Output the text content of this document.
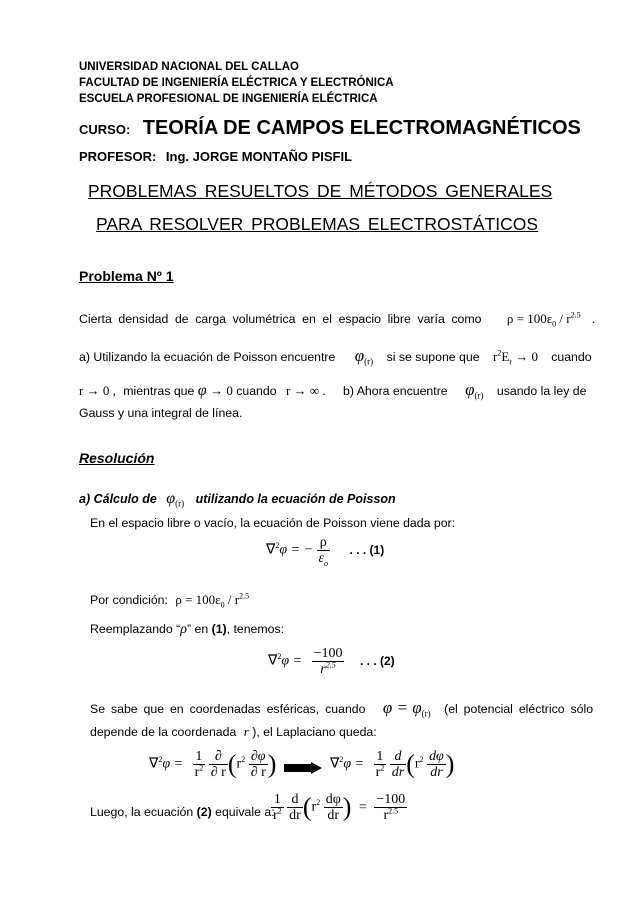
UNIVERSIDAD NACIONAL DEL CALLAO
FACULTAD DE INGENIERÍA ELÉCTRICA Y ELECTRÓNICA
ESCUELA PROFESIONAL DE INGENIERÍA ELÉCTRICA
CURSO: TEORÍA DE CAMPOS ELECTROMAGNÉTICOS
PROFESOR: Ing. JORGE MONTAÑO PISFIL
PROBLEMAS RESUELTOS DE MÉTODOS GENERALES
PARA RESOLVER PROBLEMAS ELECTROSTÁTICOS
Problema Nº 1
Cierta densidad de carga volumétrica en el espacio libre varía como $\rho = 100\varepsilon_0 / r^{2.5}$ .
a) Utilizando la ecuación de Poisson encuentre $\varphi_{(r)}$ si se supone que $r^2E_r \to 0$ cuando
r → 0 , mientras que φ → 0 cuando r → ∞ . b) Ahora encuentre $\varphi_{(r)}$ usando la ley de
Gauss y una integral de línea.
Resolución
a) Cálculo de $\varphi_{(r)}$ utilizando la ecuación de Poisson
En el espacio libre o vacío, la ecuación de Poisson viene dada por:
∇$^2$φ = − $\frac{\rho}{\varepsilon_o}$ . . . (1)
Por condición: $\rho = 100\varepsilon_0 / r^{2.5}$
Reemplazando “ρ” en (1), tenemos:
$\nabla^2\varphi = \frac{-100}{r^{2.5}}$ . . . (2)
Se sabe que en coordenadas esféricas, cuando $\varphi = \varphi_{(r)}$ (el potencial eléctrico sólo
depende de la coordenada r ), el Laplaciano queda:
$\nabla^2\varphi = \frac{1}{r^2}$
$\frac{\partial}{\partial r} (r^2 \frac{\partial\varphi}{\partial r}$ )	$\nabla^2\varphi = \frac{1}{r^2}$
$\frac{d}{dr} (r^2 \frac{d\varphi}{dr}$ )
Luego, la ecuación (2) equivale a:
$\frac{1}{r^2}$
$\frac{d}{dr} (r^2 \frac{d\varphi}{dr}$ ) = $\frac{-100}{r^{2.5}}$
